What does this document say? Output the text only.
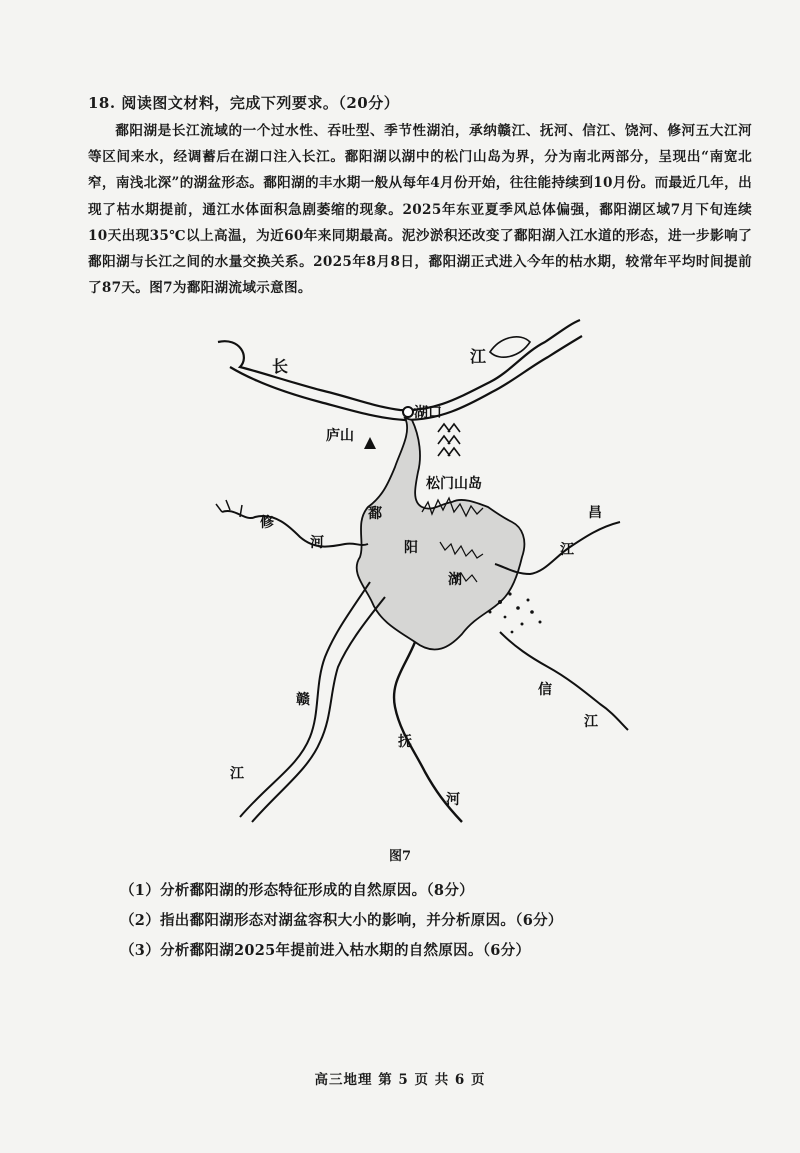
18. 阅读图文材料，完成下列要求。（20分）
鄱阳湖是长江流域的一个过水性、吞吐型、季节性湖泊，承纳赣江、抚河、信江、饶河、修河五大江河等区间来水，经调蓄后在湖口注入长江。鄱阳湖以湖中的松门山岛为界，分为南北两部分，呈现出“南宽北窄，南浅北深”的湖盆形态。鄱阳湖的丰水期一般从每年4月份开始，往往能持续到10月份。而最近几年，出现了枯水期提前，通江水体面积急剧萎缩的现象。2025年东亚夏季风总体偏强，鄱阳湖区域7月下旬连续10天出现35℃以上高温，为近60年来同期最高。泥沙淤积还改变了鄱阳湖入江水道的形态，进一步影响了鄱阳湖与长江之间的水量交换关系。2025年8月8日，鄱阳湖正式进入今年的枯水期，较常年平均时间提前了87天。图7为鄱阳湖流域示意图。
长
江
湖口
庐山
松门山岛
鄱
阳
湖
修
河
昌
江
信
江
赣
江
抚
河
图7
（1）分析鄱阳湖的形态特征形成的自然原因。（8分）
（2）指出鄱阳湖形态对湖盆容积大小的影响，并分析原因。（6分）
（3）分析鄱阳湖2025年提前进入枯水期的自然原因。（6分）
高三地理 第 5 页 共 6 页
